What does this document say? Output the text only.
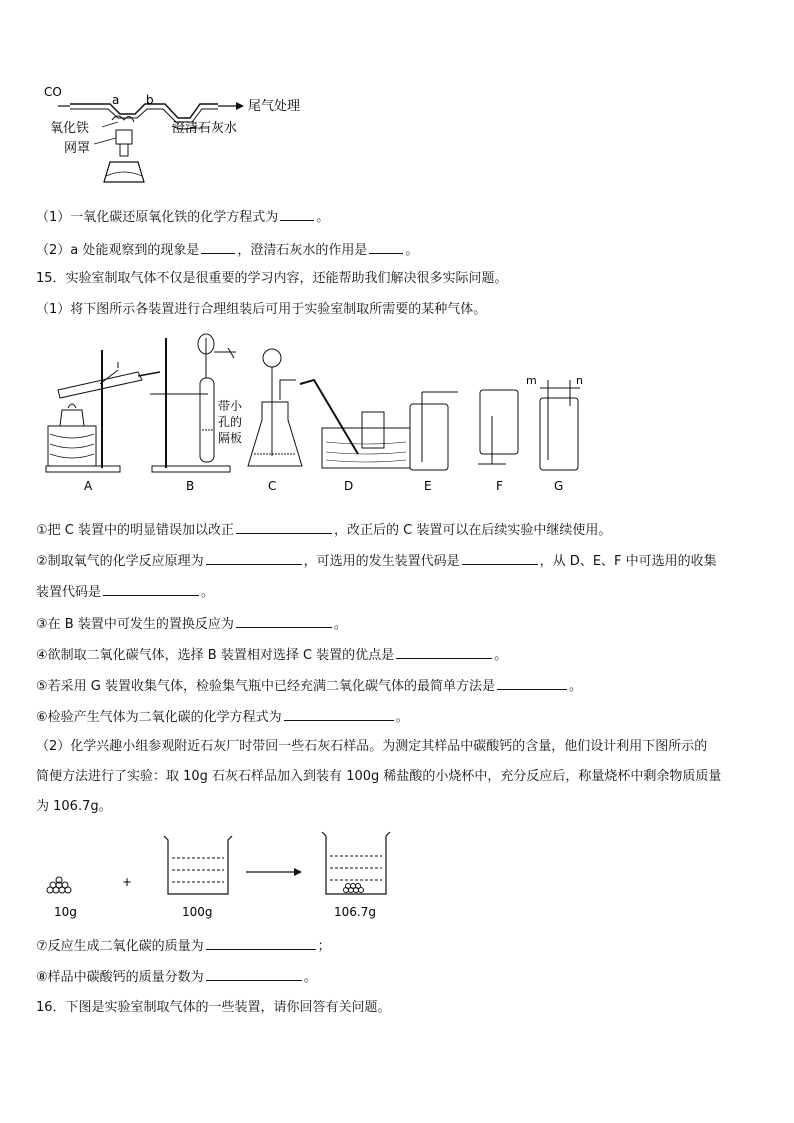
CO
a b	尾气处理
澄清石灰水
氧化铁
网罩
（1）一氧化碳还原氧化铁的化学方程式为	。
（2）a 处能观察到的现象是	，澄清石灰水的作用是	。
15．实验室制取气体不仅是很重要的学习内容，还能帮助我们解决很多实际问题。
（1）将下图所示各装置进行合理组装后可用于实验室制取所需要的某种气体。
A
带小
孔的
隔板
B	C	D	E	F
m	n
G
①把 C 装置中的明显错误加以改正	，改正后的 C 装置可以在后续实验中继续使用。
②制取氧气的化学反应原理为	，可选用的发生装置代码是	，从 D、E、F 中可选用的收集
装置代码是	。
③在 B 装置中可发生的置换反应为	。
④欲制取二氧化碳气体，选择 B 装置相对选择 C 装置的优点是	。
⑤若采用 G 装置收集气体，检验集气瓶中已经充满二氧化碳气体的最简单方法是	。
⑥检验产生气体为二氧化碳的化学方程式为	。
（2）化学兴趣小组参观附近石灰厂时带回一些石灰石样品。为测定其样品中碳酸钙的含量，他们设计利用下图所示的
简便方法进行了实验：取 10g 石灰石样品加入到装有 100g 稀盐酸的小烧杯中，充分反应后，称量烧杯中剩余物质质量
为 106.7g。
10g
+
100g	106.7g
⑦反应生成二氧化碳的质量为	；
⑧样品中碳酸钙的质量分数为	。
16．下图是实验室制取气体的一些装置，请你回答有关问题。
